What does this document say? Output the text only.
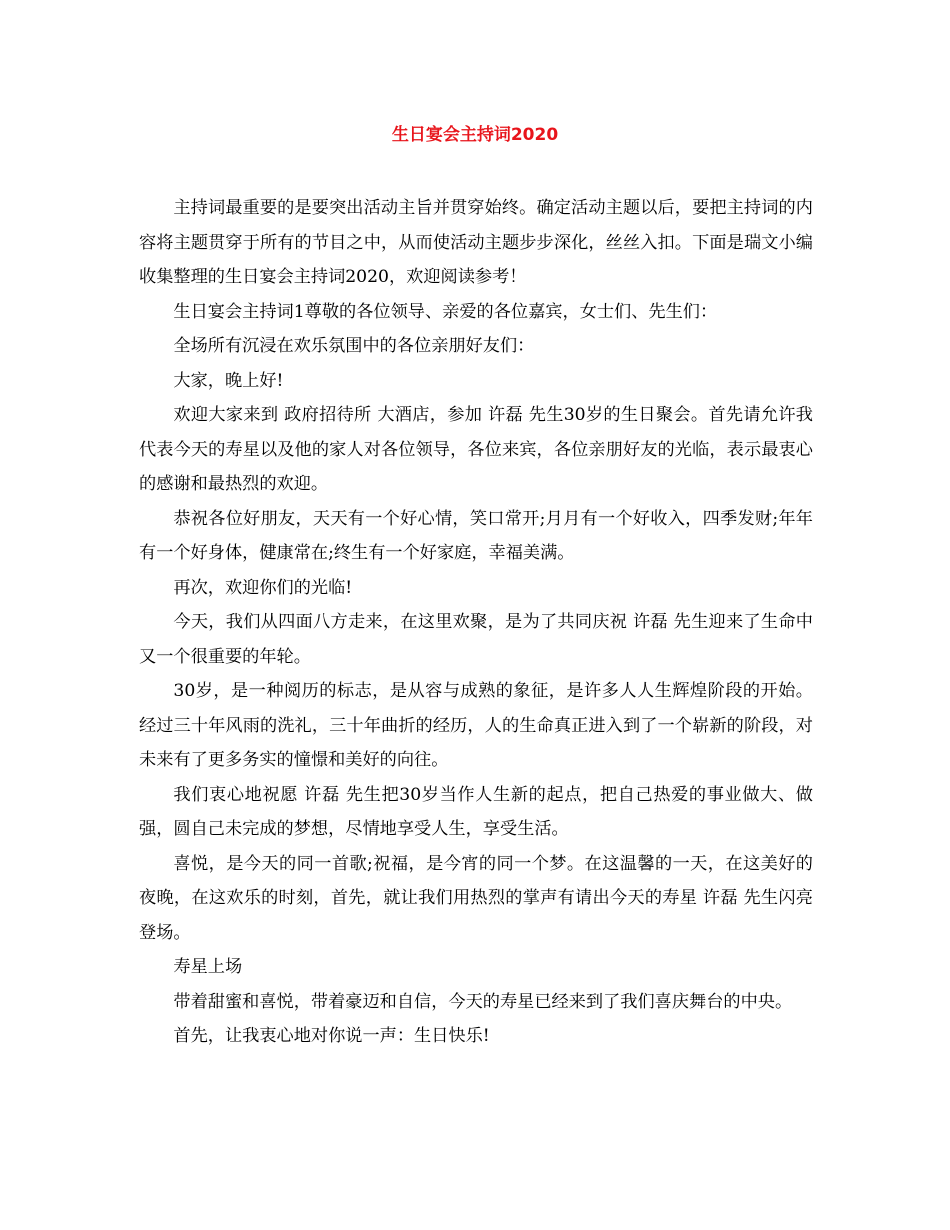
生日宴会主持词2020

主持词最重要的是要突出活动主旨并贯穿始终。确定活动主题以后，要把主持词的内容将主题贯穿于所有的节目之中，从而使活动主题步步深化，丝丝入扣。下面是瑞文小编收集整理的生日宴会主持词2020，欢迎阅读参考！

生日宴会主持词1尊敬的各位领导、亲爱的各位嘉宾，女士们、先生们：

全场所有沉浸在欢乐氛围中的各位亲朋好友们：

大家，晚上好!

欢迎大家来到 政府招待所 大酒店，参加 许磊 先生30岁的生日聚会。首先请允许我代表今天的寿星以及他的家人对各位领导，各位来宾，各位亲朋好友的光临，表示最衷心的感谢和最热烈的欢迎。

恭祝各位好朋友，天天有一个好心情，笑口常开;月月有一个好收入，四季发财;年年有一个好身体，健康常在;终生有一个好家庭，幸福美满。

再次，欢迎你们的光临!

今天，我们从四面八方走来，在这里欢聚，是为了共同庆祝 许磊 先生迎来了生命中又一个很重要的年轮。

30岁，是一种阅历的标志，是从容与成熟的象征，是许多人人生辉煌阶段的开始。经过三十年风雨的洗礼，三十年曲折的经历，人的生命真正进入到了一个崭新的阶段，对未来有了更多务实的憧憬和美好的向往。

我们衷心地祝愿 许磊 先生把30岁当作人生新的起点，把自己热爱的事业做大、做强，圆自己未完成的梦想，尽情地享受人生，享受生活。

喜悦，是今天的同一首歌;祝福，是今宵的同一个梦。在这温馨的一天，在这美好的夜晚，在这欢乐的时刻，首先，就让我们用热烈的掌声有请出今天的寿星 许磊 先生闪亮登场。

寿星上场

带着甜蜜和喜悦，带着豪迈和自信，今天的寿星已经来到了我们喜庆舞台的中央。

首先，让我衷心地对你说一声：生日快乐!
